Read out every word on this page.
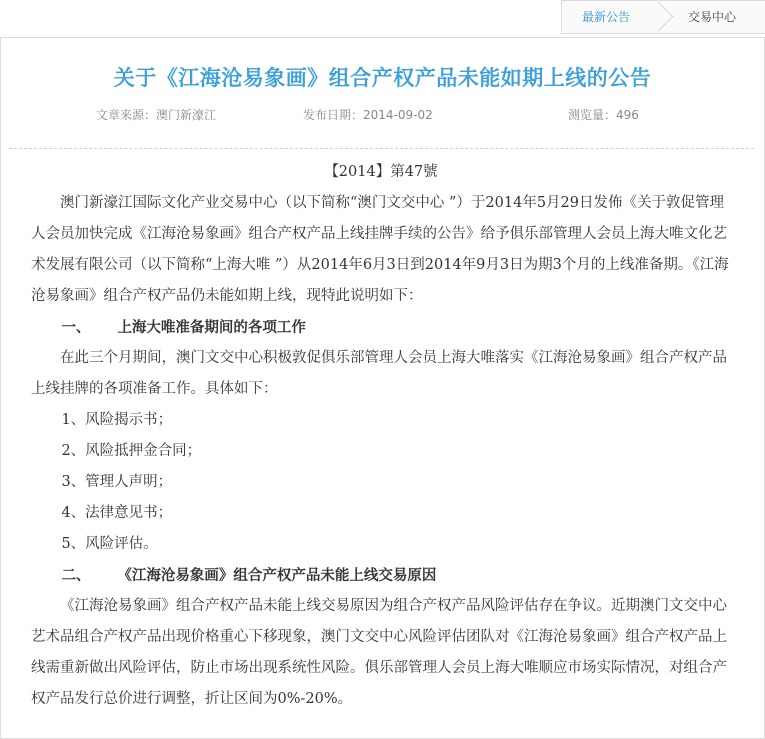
最新公告	交易中心
关于《江海沧易象画》组合产权产品未能如期上线的公告
文章来源：澳门新濠江	发布日期：2014-09-02	测览量：496

【2014】第47號

澳门新濠江国际文化产业交易中心（以下简称“澳门文交中心 ”）于2014年5月29日发佈《关于敦促管理人会员加快完成《江海沧易象画》组合产权产品上线挂牌手续的公告》给予俱乐部管理人会员上海大唯文化艺术发展有限公司（以下简称“上海大唯 ”）从2014年6月3日到2014年9月3日为期3个月的上线准备期。《江海沧易象画》组合产权产品仍未能如期上线，现特此说明如下：

一、 上海大唯准备期间的各项工作

在此三个月期间，澳门文交中心积极敦促俱乐部管理人会员上海大唯落实《江海沧易象画》组合产权产品上线挂牌的各项准备工作。具体如下：

1、风险揭示书；

2、风险抵押金合同；

3、管理人声明；

4、法律意见书；

5、风险评估。

二、 《江海沧易象画》组合产权产品未能上线交易原因

《江海沧易象画》组合产权产品未能上线交易原因为组合产权产品风险评估存在争议。近期澳门文交中心艺术品组合产权产品出现价格重心下移现象，澳门文交中心风险评估团队对《江海沧易象画》组合产权产品上线需重新做出风险评估，防止市场出现系统性风险。俱乐部管理人会员上海大唯顺应市场实际情况，对组合产权产品发行总价进行调整，折让区间为0%-20%。
